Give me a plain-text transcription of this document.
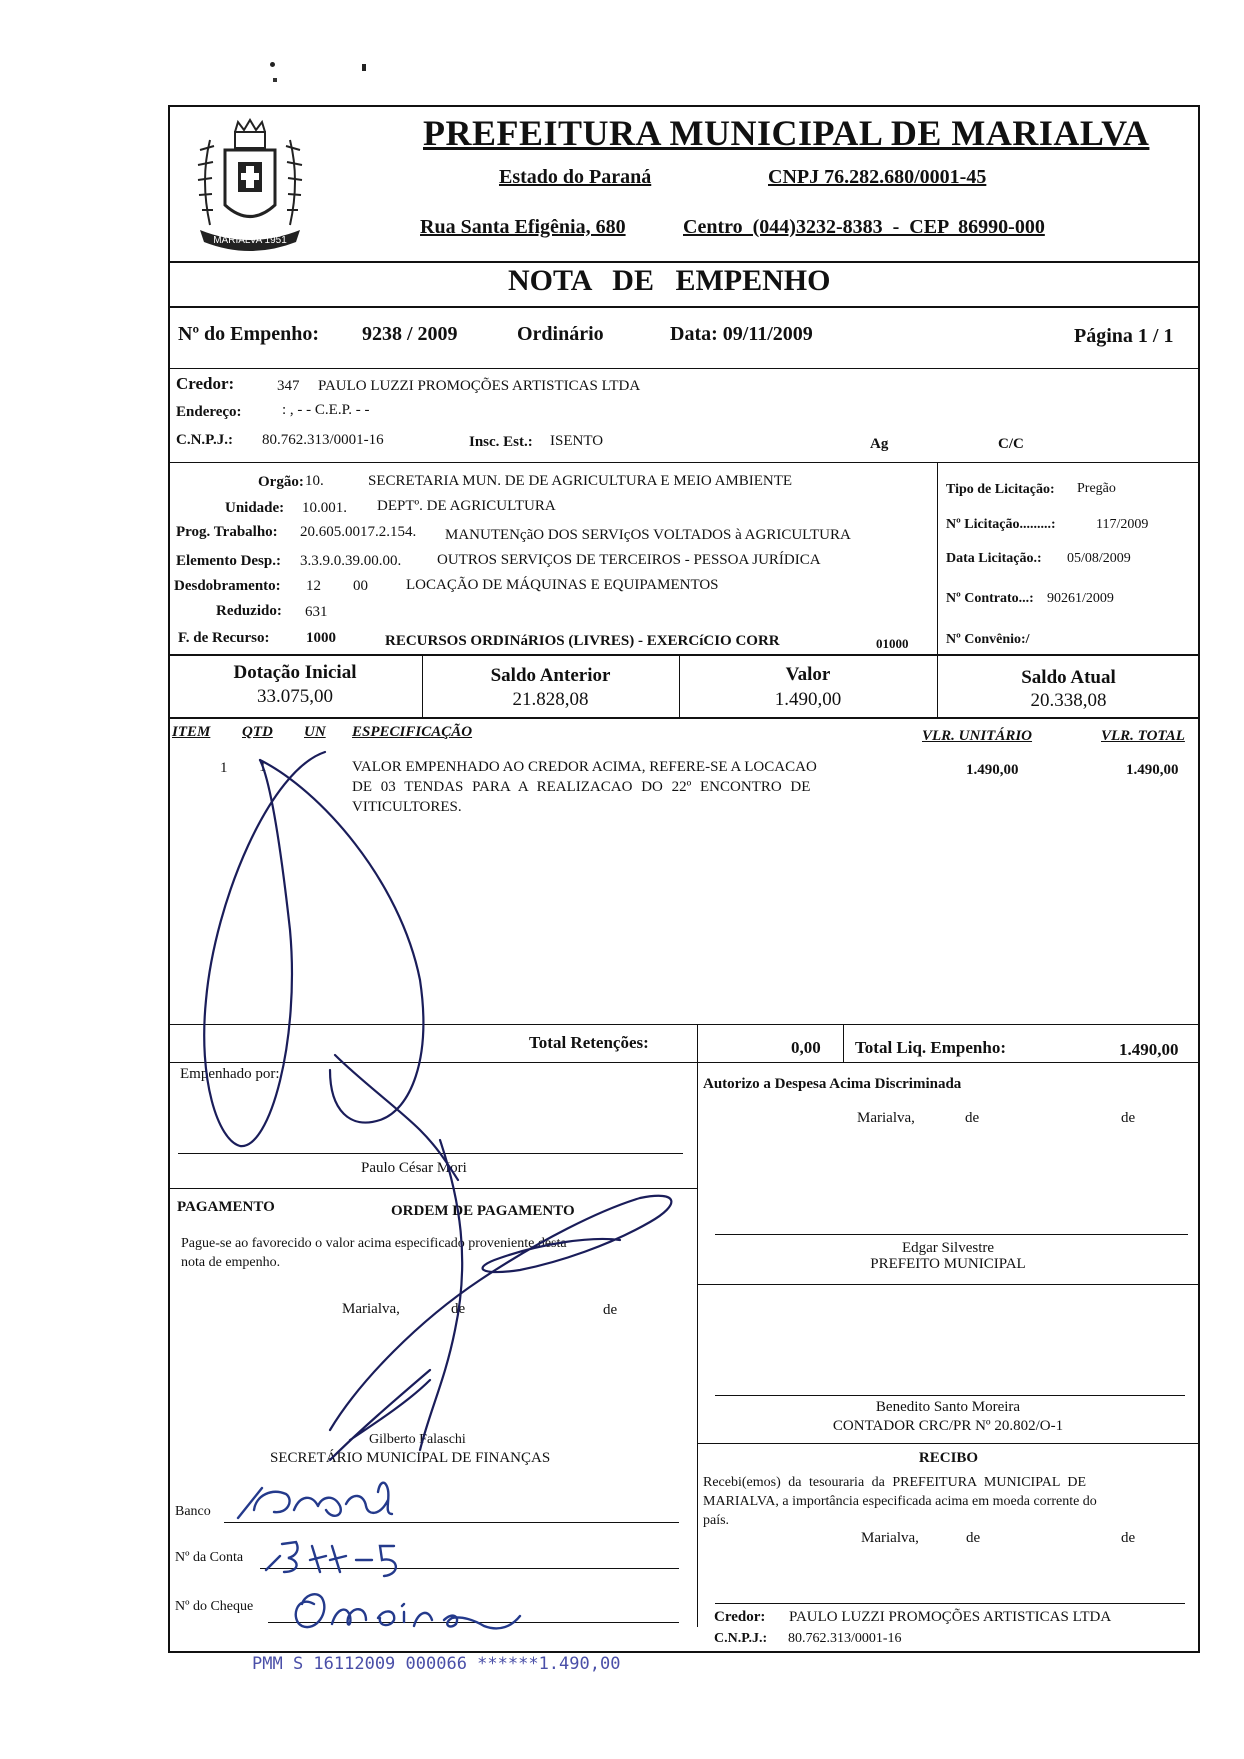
MARIALVA 1951
PREFEITURA MUNICIPAL DE MARIALVA
Estado do Paraná	CNPJ 76.282.680/0001-45
Rua Santa Efigênia, 680	Centro (044)3232-8383 - CEP 86990-000
NOTA DE EMPENHO
Nº do Empenho: 9238 / 2009	Ordinário	Data: 09/11/2009	Página 1 / 1
Credor:	347 PAULO LUZZI PROMOÇÕES ARTISTICAS LTDA
Endereço:	: , - - C.E.P. - -
C.N.P.J.: 80.762.313/0001-16	Insc. Est.: ISENTO	Ag	C/C
Orgão: 10.	SECRETARIA MUN. DE DE AGRICULTURA E MEIO AMBIENTE
Unidade: 10.001. DEPTº. DE AGRICULTURA
Prog. Trabalho: 20.605.0017.2.154. MANUTENçãO DOS SERVIçOS VOLTADOS à AGRICULTURA
Elemento Desp.: 3.3.9.0.39.00.00. OUTROS SERVIÇOS DE TERCEIROS - PESSOA JURÍDICA
Desdobramento: 12 00	LOCAÇÃO DE MÁQUINAS E EQUIPAMENTOS
Reduzido: 631
F. de Recurso: 1000	RECURSOS ORDINáRIOS (LIVRES) - EXERCíCIO CORR	01000
Tipo de Licitação: Pregão
Nº Licitação.........:	117/2009
Data Licitação.: 05/08/2009
Nº Contrato...: 90261/2009
Nº Convênio:/
Dotação Inicial
33.075,00
Saldo Anterior
21.828,08
Valor
1.490,00
Saldo Atual
20.338,08
ITEM QTD UN ESPECIFICAÇÃO	VLR. UNITÁRIO	VLR. TOTAL
1 1	VALOR EMPENHADO AO CREDOR ACIMA, REFERE-SE A LOCACAO
DE 03 TENDAS PARA A REALIZACAO DO 22º ENCONTRO DE
VITICULTORES.
1.490,00	1.490,00
Total Retenções:	0,00 Total Liq. Empenho:	1.490,00
Empenhado por:
Paulo César Mori
PAGAMENTO	ORDEM DE PAGAMENTO
Pague-se ao favorecido o valor acima especificado proveniente desta
nota de empenho.
Marialva,	de	de
Gilberto Falaschi
SECRETÁRIO MUNICIPAL DE FINANÇAS
Banco
Nº da Conta
Nº do Cheque
Autorizo a Despesa Acima Discriminada
Marialva,	de	de
Edgar Silvestre
PREFEITO MUNICIPAL
Benedito Santo Moreira
CONTADOR CRC/PR Nº 20.802/O-1
RECIBO
Recebi(emos) da tesouraria da PREFEITURA MUNICIPAL DE
MARIALVA, a importância especificada acima em moeda corrente do
país.
Marialva,	de	de
Credor: PAULO LUZZI PROMOÇÕES ARTISTICAS LTDA
C.N.P.J.: 80.762.313/0001-16
PMM S 16112009 000066 ******1.490,00
